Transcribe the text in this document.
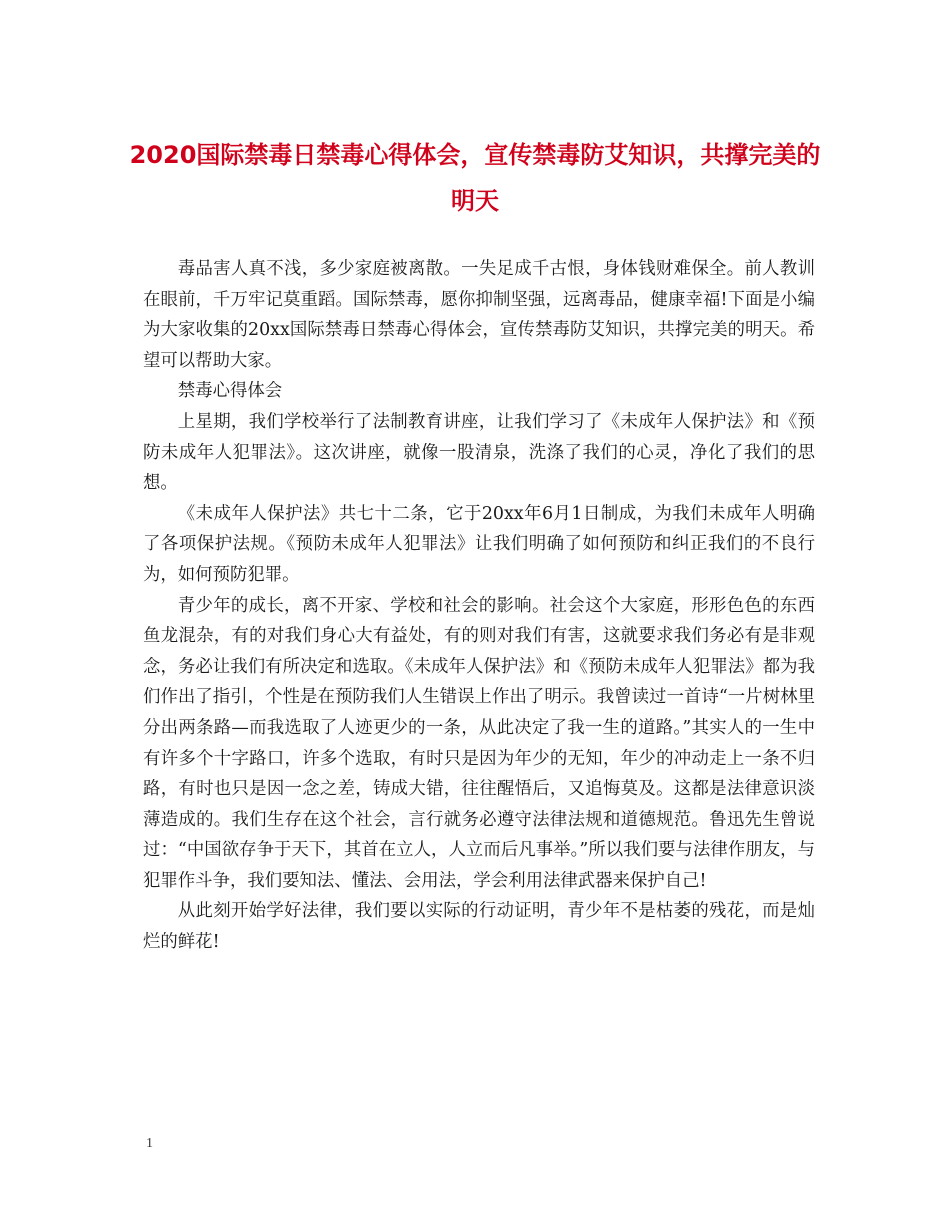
2020国际禁毒日禁毒心得体会，宣传禁毒防艾知识，共撑完美的明天

毒品害人真不浅，多少家庭被离散。一失足成千古恨，身体钱财难保全。前人教训在眼前，千万牢记莫重蹈。国际禁毒，愿你抑制坚强，远离毒品，健康幸福!下面是小编为大家收集的20xx国际禁毒日禁毒心得体会，宣传禁毒防艾知识，共撑完美的明天。希望可以帮助大家。

禁毒心得体会

上星期，我们学校举行了法制教育讲座，让我们学习了《未成年人保护法》和《预防未成年人犯罪法》。这次讲座，就像一股清泉，洗涤了我们的心灵，净化了我们的思想。

《未成年人保护法》共七十二条，它于20xx年6月1日制成，为我们未成年人明确了各项保护法规。《预防未成年人犯罪法》让我们明确了如何预防和纠正我们的不良行为，如何预防犯罪。

青少年的成长，离不开家、学校和社会的影响。社会这个大家庭，形形色色的东西鱼龙混杂，有的对我们身心大有益处，有的则对我们有害，这就要求我们务必有是非观念，务必让我们有所决定和选取。《未成年人保护法》和《预防未成年人犯罪法》都为我们作出了指引，个性是在预防我们人生错误上作出了明示。我曾读过一首诗“一片树林里分出两条路—而我选取了人迹更少的一条，从此决定了我一生的道路。”其实人的一生中有许多个十字路口，许多个选取，有时只是因为年少的无知，年少的冲动走上一条不归路，有时也只是因一念之差，铸成大错，往往醒悟后，又追悔莫及。这都是法律意识淡薄造成的。我们生存在这个社会，言行就务必遵守法律法规和道德规范。鲁迅先生曾说过：“中国欲存争于天下，其首在立人，人立而后凡事举。”所以我们要与法律作朋友，与犯罪作斗争，我们要知法、懂法、会用法，学会利用法律武器来保护自己!

从此刻开始学好法律，我们要以实际的行动证明，青少年不是枯萎的残花，而是灿烂的鲜花!

1
